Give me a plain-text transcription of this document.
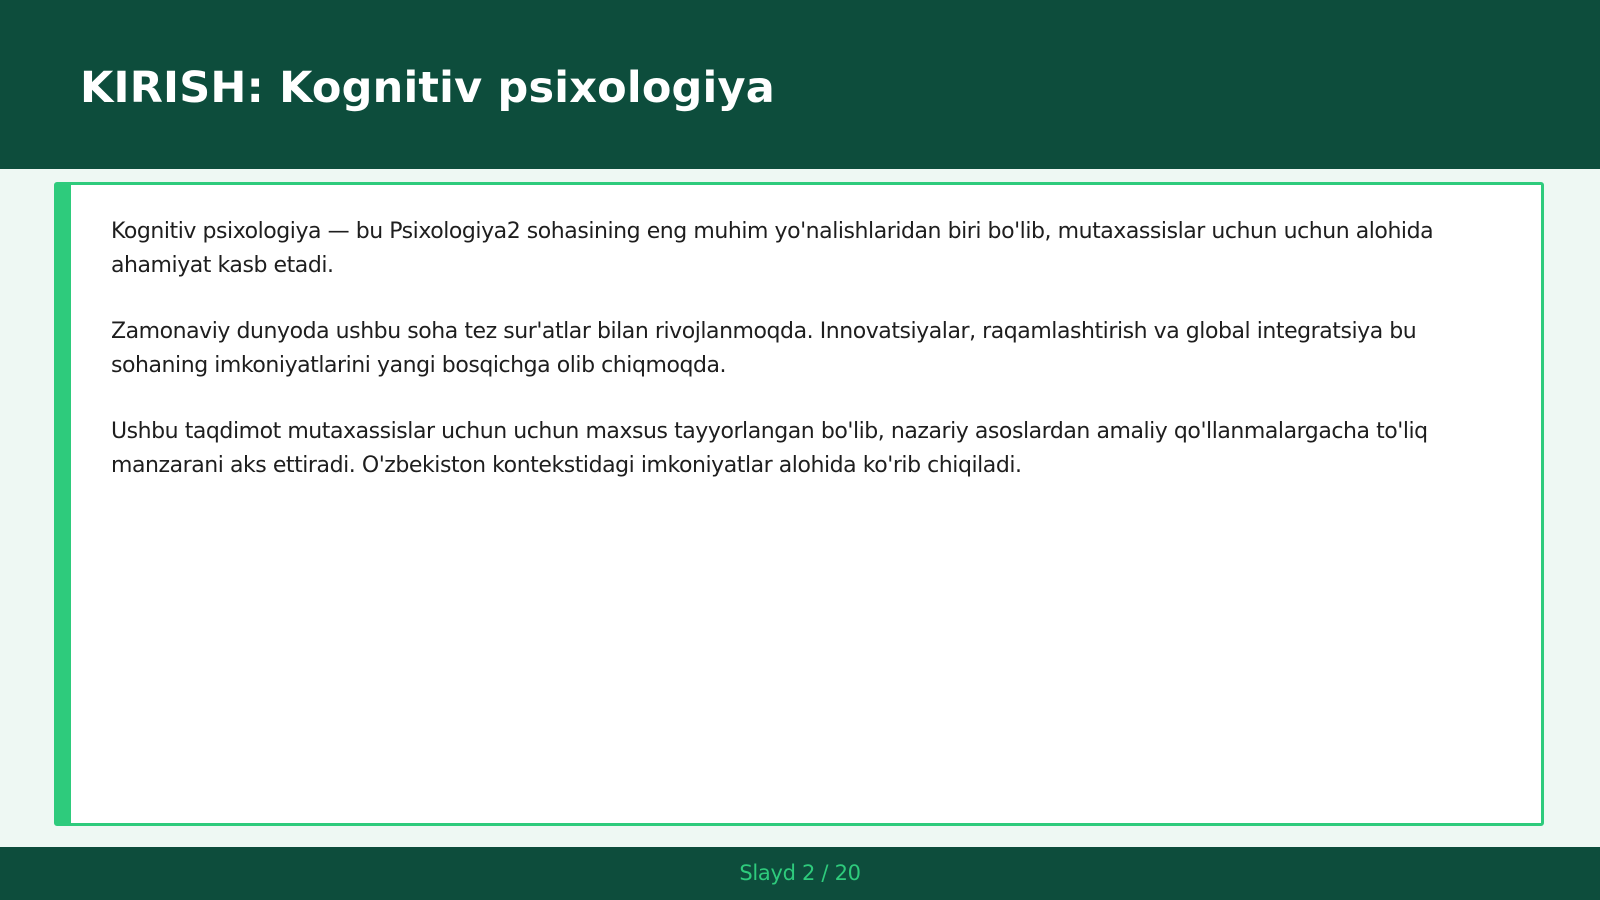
KIRISH: Kognitiv psixologiya

Kognitiv psixologiya — bu Psixologiya2 sohasining eng muhim yo'nalishlaridan biri bo'lib, mutaxassislar uchun uchun alohida ahamiyat kasb etadi.

Zamonaviy dunyoda ushbu soha tez sur'atlar bilan rivojlanmoqda. Innovatsiyalar, raqamlashtirish va global integratsiya bu sohaning imkoniyatlarini yangi bosqichga olib chiqmoqda.

Ushbu taqdimot mutaxassislar uchun uchun maxsus tayyorlangan bo'lib, nazariy asoslardan amaliy qo'llanmalargacha to'liq manzarani aks ettiradi. O'zbekiston kontekstidagi imkoniyatlar alohida ko'rib chiqiladi.

Slayd 2 / 20
